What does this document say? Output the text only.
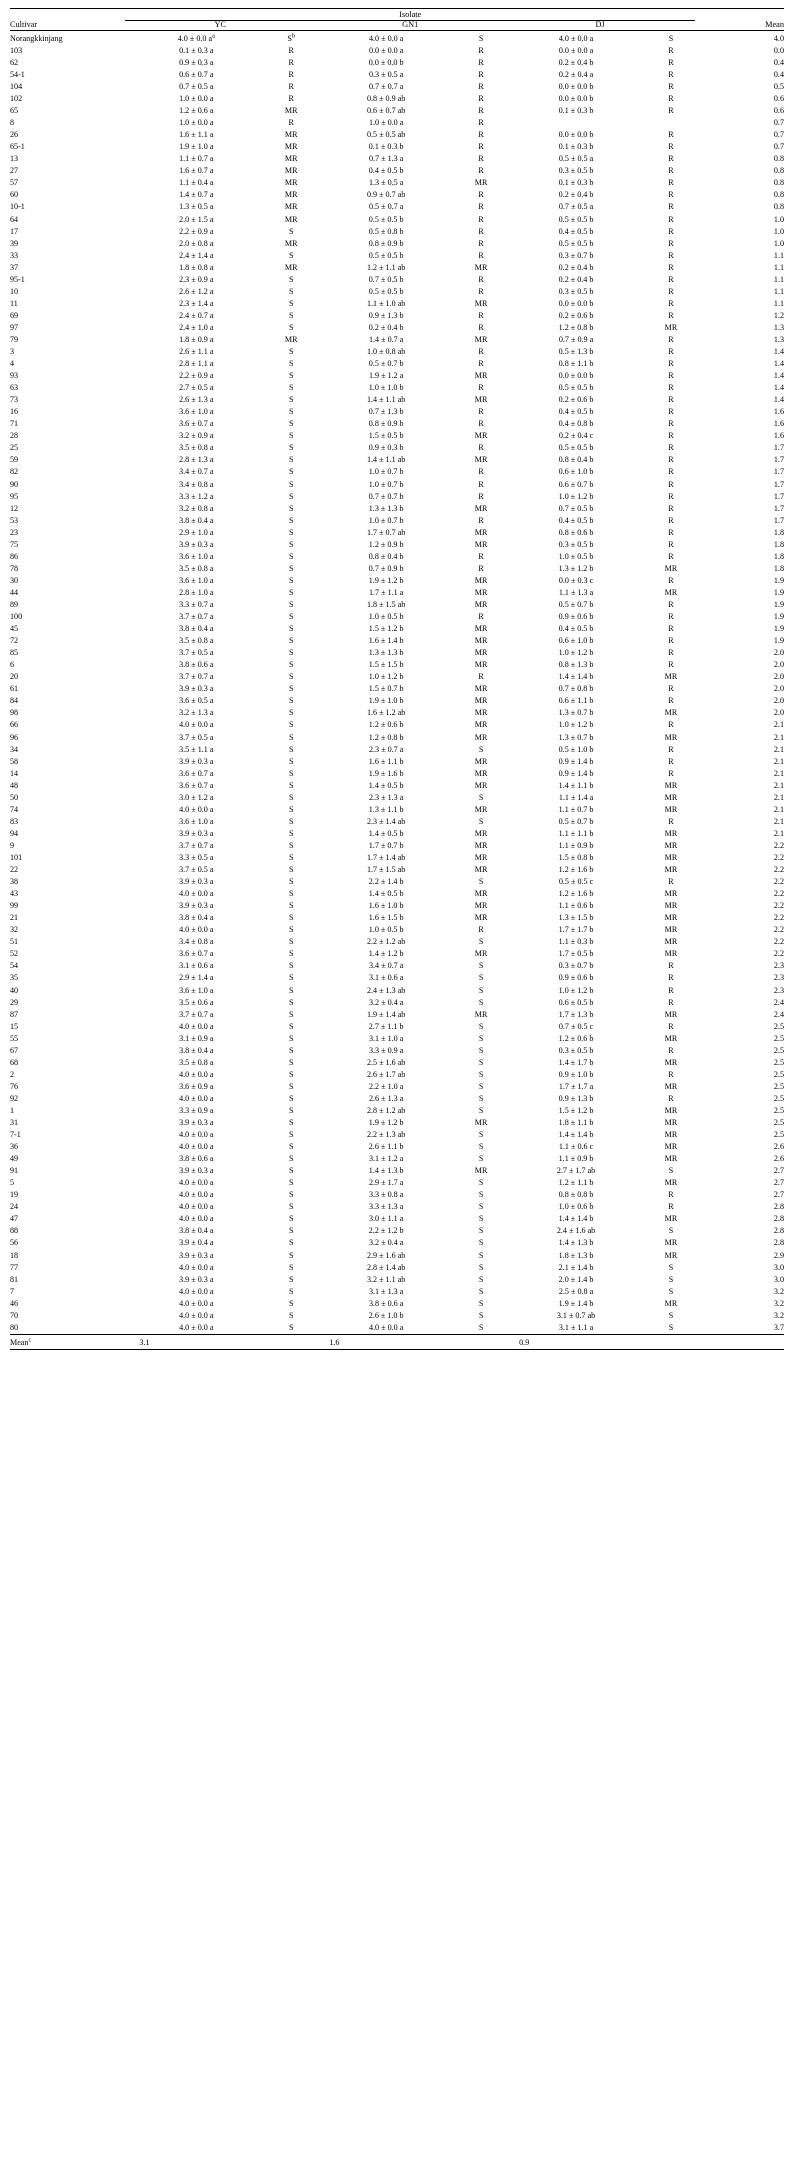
	Isolate						

Cultivar	YC		GN1		DJ		Mean

Norangkkinjang	4.0 ± 0.0 $a^a$	$S^b$	4.0 ± 0.0 a	S	4.0 ± 0.0 a	S	4.0
103	0.1 ± 0.3 a	R	0.0 ± 0.0 a	R	0.0 ± 0.0 a	R	0.0
62	0.9 ± 0.3 a	R	0.0 ± 0.0 b	R	0.2 ± 0.4 b	R	0.4
54-1	0.6 ± 0.7 a	R	0.3 ± 0.5 a	R	0.2 ± 0.4 a	R	0.4
104	0.7 ± 0.5 a	R	0.7 ± 0.7 a	R	0.0 ± 0.0 b	R	0.5
102	1.0 ± 0.0 a	R	0.8 ± 0.9 ab	R	0.0 ± 0.0 b	R	0.6
65	1.2 ± 0.6 a	MR	0.6 ± 0.7 ab	R	0.1 ± 0.3 b	R	0.6
8	1.0 ± 0.0 a	R	1.0 ± 0.0 a	R			0.7
26	1.6 ± 1.1 a	MR	0.5 ± 0.5 ab	R	0.0 ± 0.0 b	R	0.7
65-1	1.9 ± 1.0 a	MR	0.1 ± 0.3 b	R	0.1 ± 0.3 b	R	0.7
13	1.1 ± 0.7 a	MR	0.7 ± 1.3 a	R	0.5 ± 0.5 a	R	0.8
27	1.6 ± 0.7 a	MR	0.4 ± 0.5 b	R	0.3 ± 0.5 b	R	0.8
57	1.1 ± 0.4 a	MR	1.3 ± 0.5 a	MR	0.1 ± 0.3 b	R	0.8
60	1.4 ± 0.7 a	MR	0.9 ± 0.7 ab	R	0.2 ± 0.4 b	R	0.8
10-1	1.3 ± 0.5 a	MR	0.5 ± 0.7 a	R	0.7 ± 0.5 a	R	0.8
64	2.0 ± 1.5 a	MR	0.5 ± 0.5 b	R	0.5 ± 0.5 b	R	1.0
17	2.2 ± 0.9 a	S	0.5 ± 0.8 b	R	0.4 ± 0.5 b	R	1.0
39	2.0 ± 0.8 a	MR	0.8 ± 0.9 b	R	0.5 ± 0.5 b	R	1.0
33	2.4 ± 1.4 a	S	0.5 ± 0.5 b	R	0.3 ± 0.7 b	R	1.1
37	1.8 ± 0.8 a	MR	1.2 ± 1.1 ab	MR	0.2 ± 0.4 b	R	1.1
95-1	2.3 ± 0.9 a	S	0.7 ± 0.5 b	R	0.2 ± 0.4 b	R	1.1
10	2.6 ± 1.2 a	S	0.5 ± 0.5 b	R	0.3 ± 0.5 b	R	1.1
11	2.3 ± 1.4 a	S	1.1 ± 1.0 ab	MR	0.0 ± 0.0 b	R	1.1
69	2.4 ± 0.7 a	S	0.9 ± 1.3 b	R	0.2 ± 0.6 b	R	1.2
97	2.4 ± 1.0 a	S	0.2 ± 0.4 b	R	1.2 ± 0.8 b	MR	1.3
79	1.8 ± 0.9 a	MR	1.4 ± 0.7 a	MR	0.7 ± 0.9 a	R	1.3
3	2.6 ± 1.1 a	S	1.0 ± 0.8 ab	R	0.5 ± 1.3 b	R	1.4
4	2.8 ± 1.1 a	S	0.5 ± 0.7 b	R	0.8 ± 1.1 b	R	1.4
93	2.2 ± 0.9 a	S	1.9 ± 1.2 a	MR	0.0 ± 0.0 b	R	1.4
63	2.7 ± 0.5 a	S	1.0 ± 1.0 b	R	0.5 ± 0.5 b	R	1.4
73	2.6 ± 1.3 a	S	1.4 ± 1.1 ab	MR	0.2 ± 0.6 b	R	1.4
16	3.6 ± 1.0 a	S	0.7 ± 1.3 b	R	0.4 ± 0.5 b	R	1.6
71	3.6 ± 0.7 a	S	0.8 ± 0.9 b	R	0.4 ± 0.8 b	R	1.6
28	3.2 ± 0.9 a	S	1.5 ± 0.5 b	MR	0.2 ± 0.4 c	R	1.6
25	3.5 ± 0.8 a	S	0.9 ± 0.3 b	R	0.5 ± 0.5 b	R	1.7
59	2.8 ± 1.3 a	S	1.4 ± 1.1 ab	MR	0.8 ± 0.4 b	R	1.7
82	3.4 ± 0.7 a	S	1.0 ± 0.7 b	R	0.6 ± 1.0 b	R	1.7
90	3.4 ± 0.8 a	S	1.0 ± 0.7 b	R	0.6 ± 0.7 b	R	1.7
95	3.3 ± 1.2 a	S	0.7 ± 0.7 b	R	1.0 ± 1.2 b	R	1.7
12	3.2 ± 0.8 a	S	1.3 ± 1.3 b	MR	0.7 ± 0.5 b	R	1.7
53	3.8 ± 0.4 a	S	1.0 ± 0.7 b	R	0.4 ± 0.5 b	R	1.7
23	2.9 ± 1.0 a	S	1.7 ± 0.7 ab	MR	0.8 ± 0.6 b	R	1.8
75	3.9 ± 0.3 a	S	1.2 ± 0.9 b	MR	0.3 ± 0.5 b	R	1.8
86	3.6 ± 1.0 a	S	0.8 ± 0.4 b	R	1.0 ± 0.5 b	R	1.8
78	3.5 ± 0.8 a	S	0.7 ± 0.9 b	R	1.3 ± 1.2 b	MR	1.8
30	3.6 ± 1.0 a	S	1.9 ± 1.2 b	MR	0.0 ± 0.3 c	R	1.9
44	2.8 ± 1.0 a	S	1.7 ± 1.1 a	MR	1.1 ± 1.3 a	MR	1.9
89	3.3 ± 0.7 a	S	1.8 ± 1.5 ab	MR	0.5 ± 0.7 b	R	1.9
100	3.7 ± 0.7 a	S	1.0 ± 0.5 b	R	0.9 ± 0.6 b	R	1.9
45	3.8 ± 0.4 a	S	1.5 ± 1.2 b	MR	0.4 ± 0.5 b	R	1.9
72	3.5 ± 0.8 a	S	1.6 ± 1.4 b	MR	0.6 ± 1.0 b	R	1.9
85	3.7 ± 0.5 a	S	1.3 ± 1.3 b	MR	1.0 ± 1.2 b	R	2.0
6	3.8 ± 0.6 a	S	1.5 ± 1.5 b	MR	0.8 ± 1.3 b	R	2.0
20	3.7 ± 0.7 a	S	1.0 ± 1.2 b	R	1.4 ± 1.4 b	MR	2.0
61	3.9 ± 0.3 a	S	1.5 ± 0.7 b	MR	0.7 ± 0.8 b	R	2.0
84	3.6 ± 0.5 a	S	1.9 ± 1.0 b	MR	0.6 ± 1.1 b	R	2.0
98	3.2 ± 1.3 a	S	1.6 ± 1.2 ab	MR	1.3 ± 0.7 b	MR	2.0
66	4.0 ± 0.0 a	S	1.2 ± 0.6 b	MR	1.0 ± 1.2 b	R	2.1
96	3.7 ± 0.5 a	S	1.2 ± 0.8 b	MR	1.3 ± 0.7 b	MR	2.1
34	3.5 ± 1.1 a	S	2.3 ± 0.7 a	S	0.5 ± 1.0 b	R	2.1
58	3.9 ± 0.3 a	S	1.6 ± 1.1 b	MR	0.9 ± 1.4 b	R	2.1
14	3.6 ± 0.7 a	S	1.9 ± 1.6 b	MR	0.9 ± 1.4 b	R	2.1
48	3.6 ± 0.7 a	S	1.4 ± 0.5 b	MR	1.4 ± 1.1 b	MR	2.1
50	3.0 ± 1.2 a	S	2.3 ± 1.3 a	S	1.1 ± 1.4 a	MR	2.1
74	4.0 ± 0.0 a	S	1.3 ± 1.1 b	MR	1.1 ± 0.7 b	MR	2.1
83	3.6 ± 1.0 a	S	2.3 ± 1.4 ab	S	0.5 ± 0.7 b	R	2.1
94	3.9 ± 0.3 a	S	1.4 ± 0.5 b	MR	1.1 ± 1.1 b	MR	2.1
9	3.7 ± 0.7 a	S	1.7 ± 0.7 b	MR	1.1 ± 0.9 b	MR	2.2
101	3.3 ± 0.5 a	S	1.7 ± 1.4 ab	MR	1.5 ± 0.8 b	MR	2.2
22	3.7 ± 0.5 a	S	1.7 ± 1.5 ab	MR	1.2 ± 1.6 b	MR	2.2
38	3.9 ± 0.3 a	S	2.2 ± 1.4 b	S	0.5 ± 0.5 c	R	2.2
43	4.0 ± 0.0 a	S	1.4 ± 0.5 b	MR	1.2 ± 1.6 b	MR	2.2
99	3.9 ± 0.3 a	S	1.6 ± 1.0 b	MR	1.1 ± 0.6 b	MR	2.2
21	3.8 ± 0.4 a	S	1.6 ± 1.5 b	MR	1.3 ± 1.5 b	MR	2.2
32	4.0 ± 0.0 a	S	1.0 ± 0.5 b	R	1.7 ± 1.7 b	MR	2.2
51	3.4 ± 0.8 a	S	2.2 ± 1.2 ab	S	1.1 ± 0.3 b	MR	2.2
52	3.6 ± 0.7 a	S	1.4 ± 1.2 b	MR	1.7 ± 0.5 b	MR	2.2
54	3.1 ± 0.6 a	S	3.4 ± 0.7 a	S	0.3 ± 0.7 b	R	2.3
35	2.9 ± 1.4 a	S	3.1 ± 0.6 a	S	0.9 ± 0.6 b	R	2.3
40	3.6 ± 1.0 a	S	2.4 ± 1.3 ab	S	1.0 ± 1.2 b	R	2.3
29	3.5 ± 0.6 a	S	3.2 ± 0.4 a	S	0.6 ± 0.5 b	R	2.4
87	3.7 ± 0.7 a	S	1.9 ± 1.4 ab	MR	1.7 ± 1.3 b	MR	2.4
15	4.0 ± 0.0 a	S	2.7 ± 1.1 b	S	0.7 ± 0.5 c	R	2.5
55	3.1 ± 0.9 a	S	3.1 ± 1.0 a	S	1.2 ± 0.6 b	MR	2.5
67	3.8 ± 0.4 a	S	3.3 ± 0.9 a	S	0.3 ± 0.5 b	R	2.5
68	3.5 ± 0.8 a	S	2.5 ± 1.6 ab	S	1.4 ± 1.7 b	MR	2.5
2	4.0 ± 0.0 a	S	2.6 ± 1.7 ab	S	0.9 ± 1.0 b	R	2.5
76	3.6 ± 0.9 a	S	2.2 ± 1.0 a	S	1.7 ± 1.7 a	MR	2.5
92	4.0 ± 0.0 a	S	2.6 ± 1.3 a	S	0.9 ± 1.3 b	R	2.5
1	3.3 ± 0.9 a	S	2.8 ± 1.2 ab	S	1.5 ± 1.2 b	MR	2.5
31	3.9 ± 0.3 a	S	1.9 ± 1.2 b	MR	1.8 ± 1.1 b	MR	2.5
7-1	4.0 ± 0.0 a	S	2.2 ± 1.3 ab	S	1.4 ± 1.4 b	MR	2.5
36	4.0 ± 0.0 a	S	2.6 ± 1.1 b	S	1.1 ± 0.6 c	MR	2.6
49	3.8 ± 0.6 a	S	3.1 ± 1.2 a	S	1.1 ± 0.9 b	MR	2.6
91	3.9 ± 0.3 a	S	1.4 ± 1.3 b	MR	2.7 ± 1.7 ab	S	2.7
5	4.0 ± 0.0 a	S	2.9 ± 1.7 a	S	1.2 ± 1.1 b	MR	2.7
19	4.0 ± 0.0 a	S	3.3 ± 0.8 a	S	0.8 ± 0.8 b	R	2.7
24	4.0 ± 0.0 a	S	3.3 ± 1.3 a	S	1.0 ± 0.6 b	R	2.8
47	4.0 ± 0.0 a	S	3.0 ± 1.1 a	S	1.4 ± 1.4 b	MR	2.8
88	3.8 ± 0.4 a	S	2.2 ± 1.2 b	S	2.4 ± 1.6 ab	S	2.8
56	3.9 ± 0.4 a	S	3.2 ± 0.4 a	S	1.4 ± 1.3 b	MR	2.8
18	3.9 ± 0.3 a	S	2.9 ± 1.6 ab	S	1.8 ± 1.3 b	MR	2.9
77	4.0 ± 0.0 a	S	2.8 ± 1.4 ab	S	2.1 ± 1.4 b	S	3.0
81	3.9 ± 0.3 a	S	3.2 ± 1.1 ab	S	2.0 ± 1.4 b	S	3.0
7	4.0 ± 0.0 a	S	3.1 ± 1.3 a	S	2.5 ± 0.8 a	S	3.2
46	4.0 ± 0.0 a	S	3.8 ± 0.6 a	S	1.9 ± 1.4 b	MR	3.2
70	4.0 ± 0.0 a	S	2.6 ± 1.0 b	S	3.1 ± 0.7 ab	S	3.2
80	4.0 ± 0.0 a	S	4.0 ± 0.0 a	S	3.1 ± 1.1 a	S	3.7

Mean$^c$	3.1		1.6		0.9		
